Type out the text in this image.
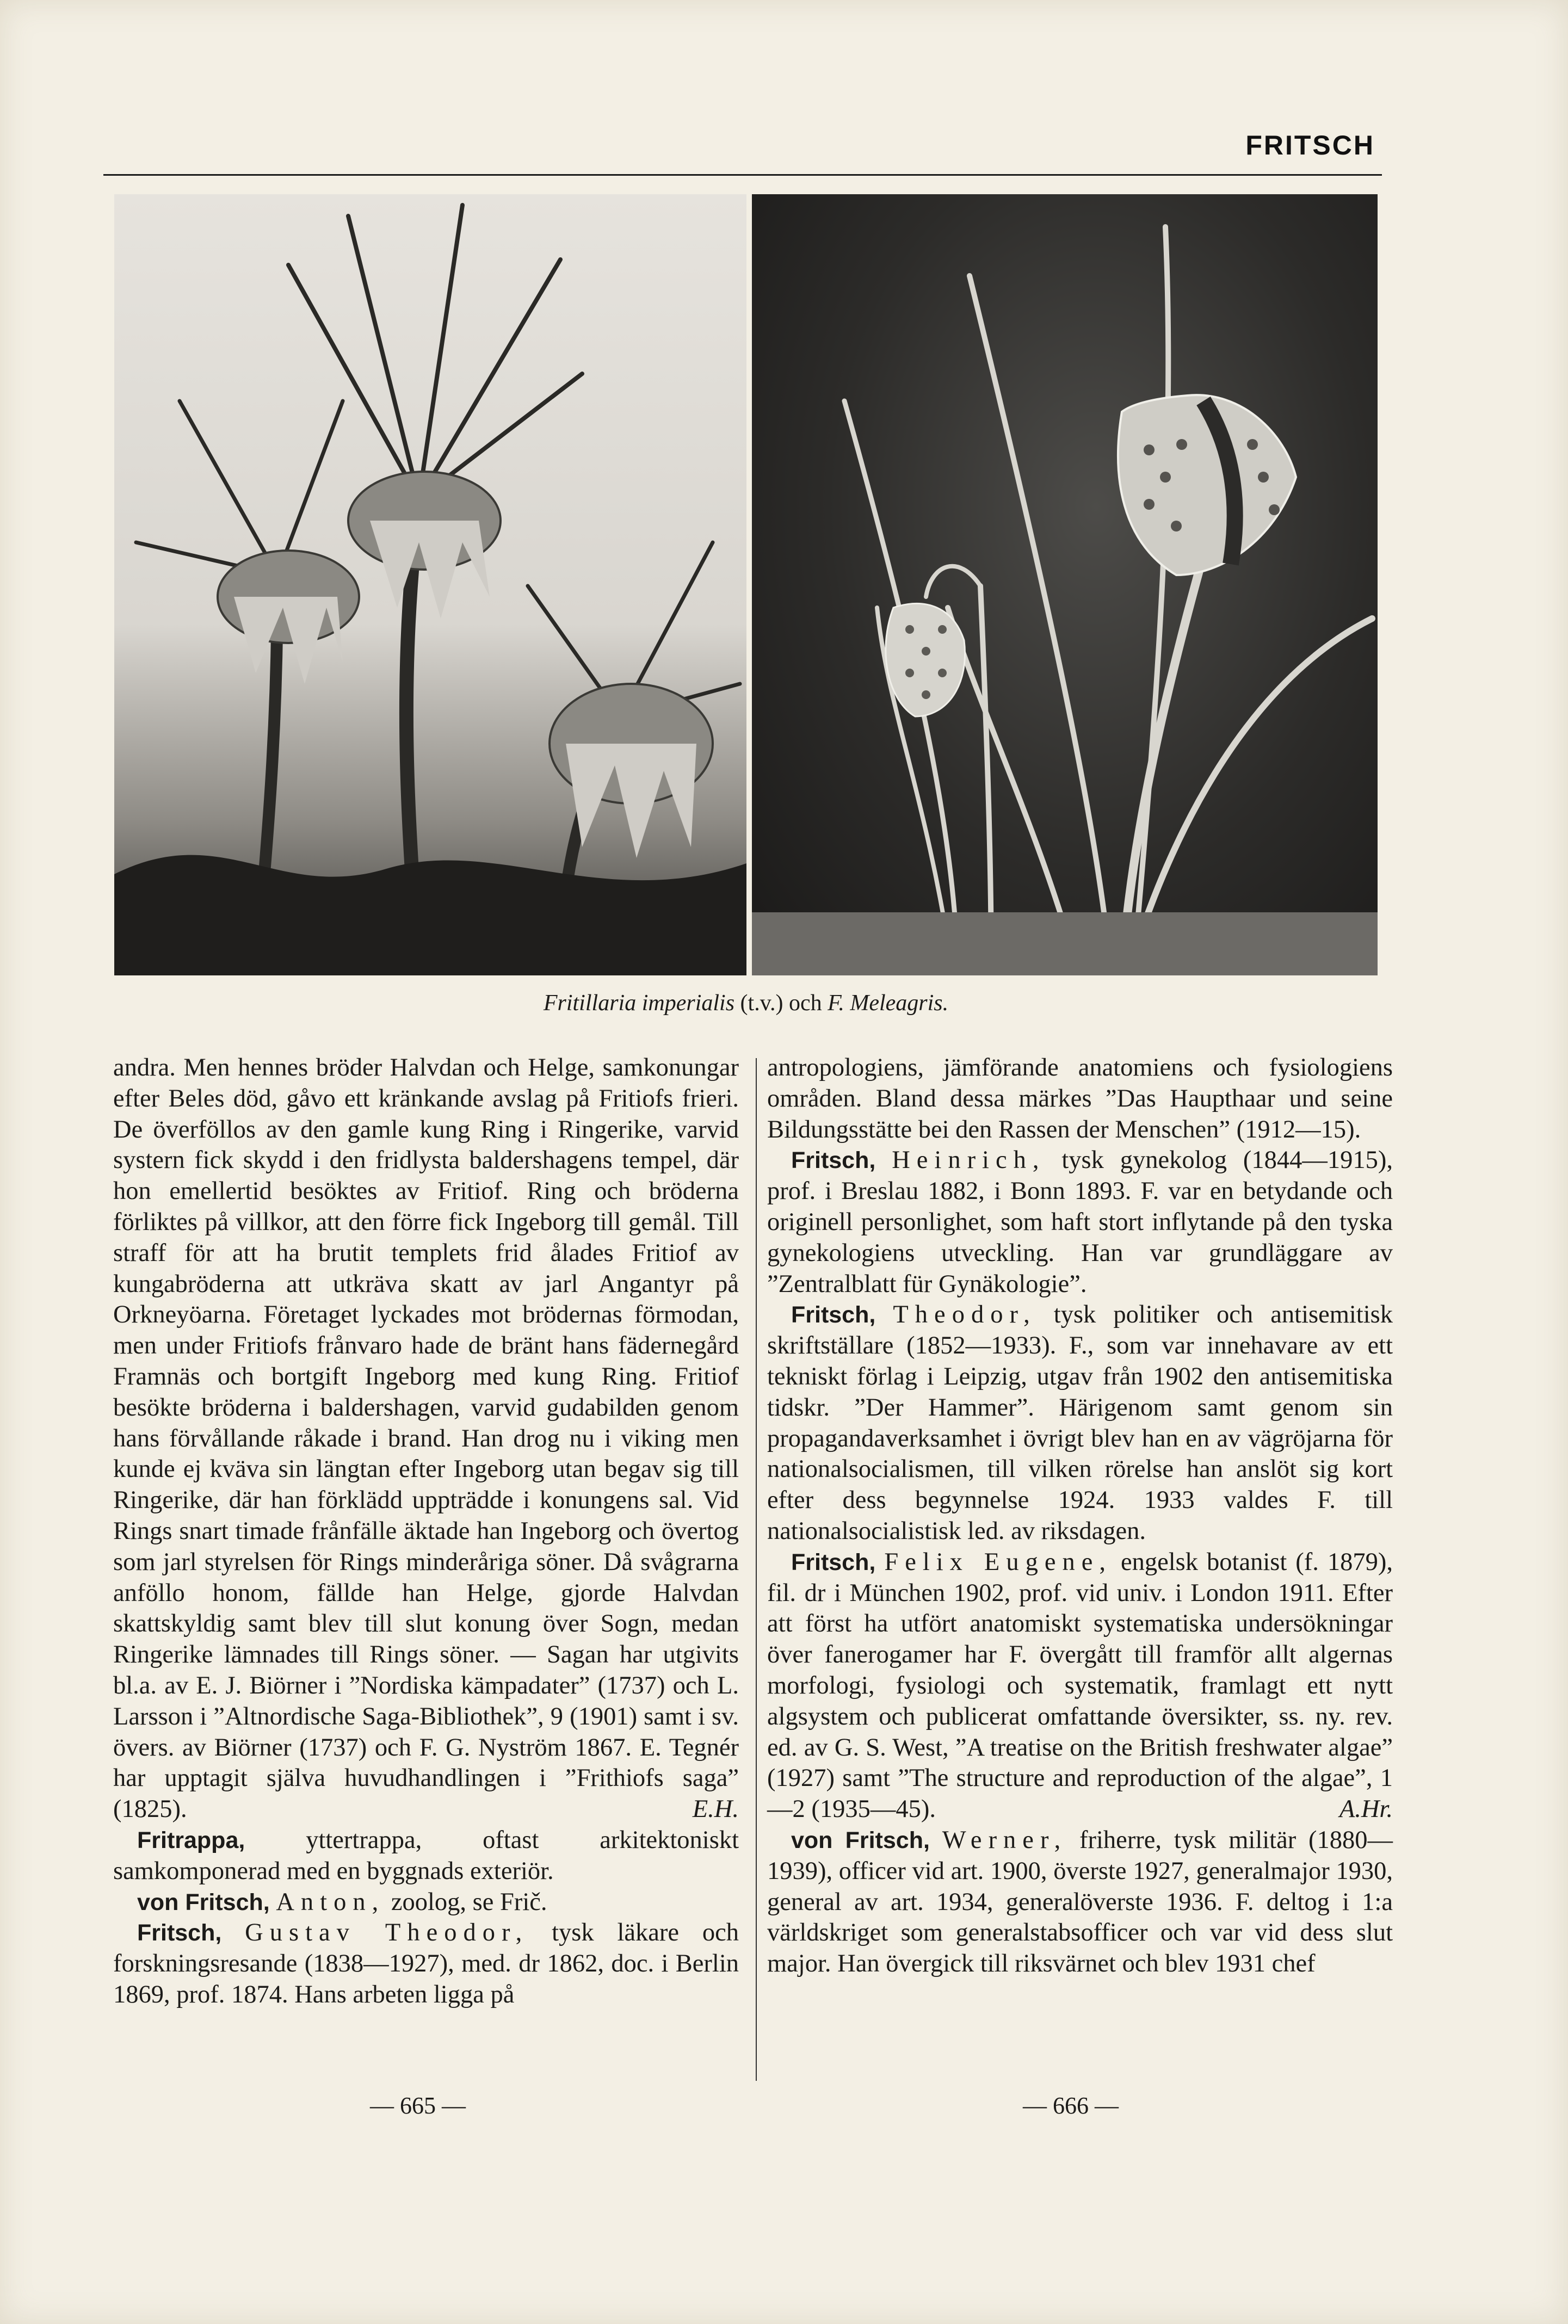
FRITSCH
Fritillaria imperialis (t.v.) och F. Meleagris.

andra. Men hennes bröder Halvdan och Helge, samkonungar efter Beles död, gåvo ett kränkande avslag på Fritiofs frieri. De överföllos av den gamle kung Ring i Ringerike, varvid systern fick skydd i den fridlysta baldershagens tempel, där hon emellertid besöktes av Fritiof. Ring och bröderna förliktes på villkor, att den förre fick Ingeborg till gemål. Till straff för att ha brutit templets frid ålades Fritiof av kungabröderna att utkräva skatt av jarl Angantyr på Orkneyöarna. Företaget lyckades mot brödernas förmodan, men under Fritiofs frånvaro hade de bränt hans fädernegård Framnäs och bortgift Ingeborg med kung Ring. Fritiof besökte bröderna i baldershagen, varvid gudabilden genom hans förvållande råkade i brand. Han drog nu i viking men kunde ej kväva sin längtan efter Ingeborg utan begav sig till Ringerike, där han förklädd uppträdde i konungens sal. Vid Rings snart timade frånfälle äktade han Ingeborg och övertog som jarl styrelsen för Rings minderåriga söner. Då svågrarna anföllo honom, fällde han Helge, gjorde Halvdan skattskyldig samt blev till slut konung över Sogn, medan Ringerike lämnades till Rings söner. — Sagan har utgivits bl.a. av E. J. Biörner i ”Nordiska kämpadater” (1737) och L. Larsson i ”Altnordische Saga-Bibliothek”, 9 (1901) samt i sv. övers. av Biörner (1737) och F. G. Nyström 1867. E. Tegnér har upptagit själva huvudhandlingen i ”Frithiofs saga” (1825).	E.H.

Fritrappa, yttertrappa, oftast arkitektoniskt samkomponerad med en byggnads exteriör.

von Fritsch, Anton, zoolog, se Frič.

Fritsch, Gustav Theodor, tysk läkare och forskningsresande (1838—1927), med. dr 1862, doc. i Berlin 1869, prof. 1874. Hans arbeten ligga på

antropologiens, jämförande anatomiens och fysiologiens områden. Bland dessa märkes ”Das Haupthaar und seine Bildungsstätte bei den Rassen der Menschen” (1912—15).

Fritsch, Heinrich, tysk gynekolog (1844—1915), prof. i Breslau 1882, i Bonn 1893. F. var en betydande och originell personlighet, som haft stort inflytande på den tyska gynekologiens utveckling. Han var grundläggare av ”Zentralblatt für Gynäkologie”.

Fritsch, Theodor, tysk politiker och antisemitisk skriftställare (1852—1933). F., som var innehavare av ett tekniskt förlag i Leipzig, utgav från 1902 den antisemitiska tidskr. ”Der Hammer”. Härigenom samt genom sin propagandaverksamhet i övrigt blev han en av vägröjarna för nationalsocialismen, till vilken rörelse han anslöt sig kort efter dess begynnelse 1924. 1933 valdes F. till nationalsocialistisk led. av riksdagen.

Fritsch, Felix Eugene, engelsk botanist (f. 1879), fil. dr i München 1902, prof. vid univ. i London 1911. Efter att först ha utfört anatomiskt systematiska undersökningar över fanerogamer har F. övergått till framför allt algernas morfologi, fysiologi och systematik, framlagt ett nytt algsystem och publicerat omfattande översikter, ss. ny. rev. ed. av G. S. West, ”A treatise on the British freshwater algae” (1927) samt ”The structure and reproduction of the algae”, 1—2 (1935—45).	A.Hr.

von Fritsch, Werner, friherre, tysk militär (1880—1939), officer vid art. 1900, överste 1927, generalmajor 1930, general av art. 1934, generalöverste 1936. F. deltog i 1:a världskriget som generalstabsofficer och var vid dess slut major. Han övergick till riksvärnet och blev 1931 chef

— 665 —	— 666 —
